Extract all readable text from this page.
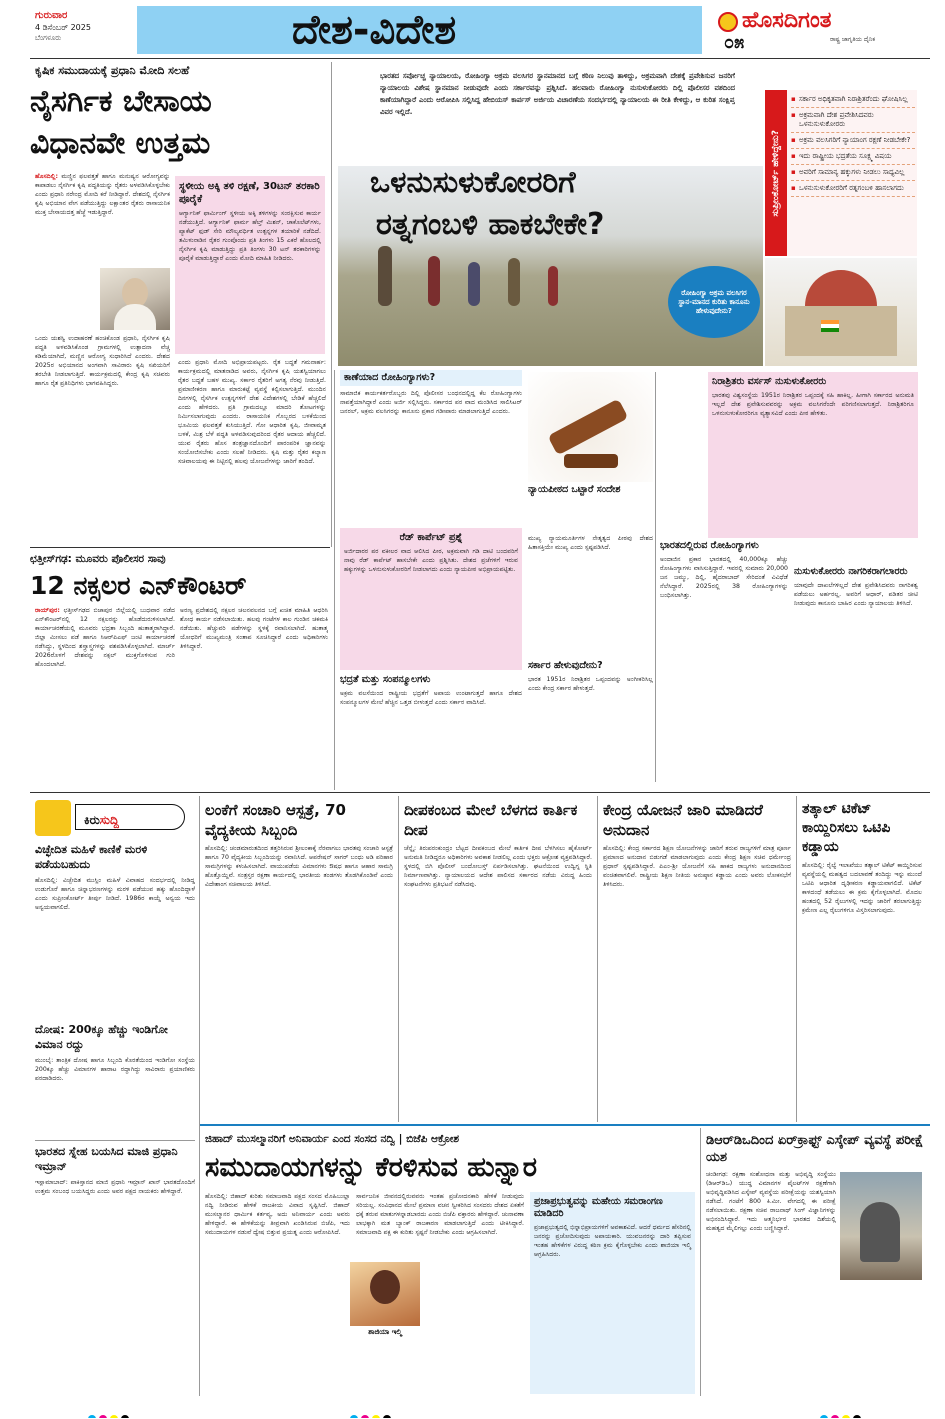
ಗುರುವಾರ
4 ಡಿಸೆಂಬರ್ 2025
ಬೆಂಗಳೂರು	ದೇಶ-ವಿದೇಶ	ಹೊಸದಿಗಂತ
ರಾಷ್ಟ್ರ ಜಾಗೃತಿಯ ದೈನಿಕ
೦೫
ಕೃಷಿಕ ಸಮುದಾಯಕ್ಕೆ ಪ್ರಧಾನಿ ಮೋದಿ ಸಲಹೆ
ನೈಸರ್ಗಿಕ ಬೇಸಾಯ
ವಿಧಾನವೇ ಉತ್ತಮ
ಹೊಸದಿಲ್ಲಿ: ಮಣ್ಣಿನ ಫಲವತ್ತತೆ ಹಾಗೂ ಮನುಷ್ಯನ ಆರೋಗ್ಯವನ್ನು ಕಾಪಾಡಲು ನೈಸರ್ಗಿಕ ಕೃಷಿ ಪದ್ಧತಿಯನ್ನು ರೈತರು ಅಳವಡಿಸಿಕೊಳ್ಳಬೇಕು ಎಂದು ಪ್ರಧಾನಿ ನರೇಂದ್ರ ಮೋದಿ ಕರೆ ನೀಡಿದ್ದಾರೆ. ದೇಶದಲ್ಲಿ ನೈಸರ್ಗಿಕ ಕೃಷಿ ಅಭಿಯಾನ ವೇಗ ಪಡೆಯುತ್ತಿದ್ದು ಲಕ್ಷಾಂತರ ರೈತರು ರಾಸಾಯನಿಕ ಮುಕ್ತ ಬೇಸಾಯದತ್ತ ಹೆಜ್ಜೆ ಇಡುತ್ತಿದ್ದಾರೆ.
ಒಂದು ಯಶಸ್ವಿ ಉದಾಹರಣೆ ಹಂಚಿಕೊಂಡ ಪ್ರಧಾನಿ, ನೈಸರ್ಗಿಕ ಕೃಷಿ ಪದ್ಧತಿ ಅಳವಡಿಸಿಕೊಂಡ ಗ್ರಾಮಗಳಲ್ಲಿ ಉತ್ಪಾದನಾ ವೆಚ್ಚ ಕಡಿಮೆಯಾಗಿದೆ, ಮಣ್ಣಿನ ಆರೋಗ್ಯ ಸುಧಾರಿಸಿದೆ ಎಂದರು. ದೇಶದ 2025ರ ಅಭಿಯಾನದ ಅಂಗವಾಗಿ ಸಾವಿರಾರು ಕೃಷಿ ಸಖಿಯರಿಗೆ ತರಬೇತಿ ನೀಡಲಾಗುತ್ತಿದೆ. ಕಾರ್ಯಕ್ರಮದಲ್ಲಿ ಕೇಂದ್ರ ಕೃಷಿ ಸಚಿವರು ಹಾಗೂ ರೈತ ಪ್ರತಿನಿಧಿಗಳು ಭಾಗವಹಿಸಿದ್ದರು.
ಸ್ಥಳೀಯ ಅಕ್ಕಿ ತಳಿ ರಕ್ಷಣೆ, 30ಟನ್ ತರಕಾರಿ ಪೂರೈಕೆ
ಆರ್ಗ್ಯಾನಿಕ್ ಫಾರ್ಮಿಂಗ್ ಸ್ಥಳೀಯ ಅಕ್ಕಿ ತಳಿಗಳನ್ನು ಸಂರಕ್ಷಿಸುವ ಕಾರ್ಯ ನಡೆಯುತ್ತಿದೆ. ಆರ್ಗ್ಯಾನಿಕ್ ಫಾರ್ಮ ಹೆಲ್ತ್ ಮಿಶನ್, ಚಾಕೊಲೆಟ್‌ಗಳು, ಪ್ಯಾಕೆಟ್ ಫುಡ್ ಸೇರಿ ಮೌಲ್ಯವರ್ಧಿತ ಉತ್ಪನ್ನಗಳ ತಯಾರಿಕೆ ನಡೆದಿದೆ. ತಮಿಳುನಾಡಿನ ರೈತರ ಗುಂಪೊಂದು ಪ್ರತಿ ತಿಂಗಳು 15 ಎಕರೆ ಹೊಲದಲ್ಲಿ ನೈಸರ್ಗಿಕ ಕೃಷಿ ಮಾಡುತ್ತಿದ್ದು ಪ್ರತಿ ತಿಂಗಳು 30 ಟನ್ ತರಕಾರಿಗಳನ್ನು ಪೂರೈಕೆ ಮಾಡುತ್ತಿದ್ದಾರೆ ಎಂದು ಮೋದಿ ಮಾಹಿತಿ ನೀಡಿದರು.
ಎಂದು ಪ್ರಧಾನಿ ಮೋದಿ ಅಭಿಪ್ರಾಯಪಟ್ಟರು. ರೈತ ಬದ್ಧತೆ ಗಮನಾರ್ಹ: ಕಾರ್ಯಕ್ರಮದಲ್ಲಿ ಮಾತನಾಡಿದ ಅವರು, ನೈಸರ್ಗಿಕ ಕೃಷಿ ಯಶಸ್ವಿಯಾಗಲು ರೈತರ ಬದ್ಧತೆ ಬಹಳ ಮುಖ್ಯ. ಸರ್ಕಾರ ರೈತರಿಗೆ ಅಗತ್ಯ ನೆರವು ನೀಡುತ್ತಿದೆ. ಪ್ರಮಾಣೀಕರಣ ಹಾಗೂ ಮಾರುಕಟ್ಟೆ ವ್ಯವಸ್ಥೆ ಕಲ್ಪಿಸಲಾಗುತ್ತಿದೆ. ಮುಂದಿನ ದಿನಗಳಲ್ಲಿ ನೈಸರ್ಗಿಕ ಉತ್ಪನ್ನಗಳಿಗೆ ದೇಶ ವಿದೇಶಗಳಲ್ಲಿ ಬೇಡಿಕೆ ಹೆಚ್ಚಲಿದೆ ಎಂದು ಹೇಳಿದರು. ಪ್ರತಿ ಗ್ರಾಮದಲ್ಲೂ ಮಾದರಿ ತೋಟಗಳನ್ನು ನಿರ್ಮಿಸಲಾಗುವುದು ಎಂದರು. ರಾಸಾಯನಿಕ ಗೊಬ್ಬರದ ಬಳಕೆಯಿಂದ ಭೂಮಿಯ ಫಲವತ್ತತೆ ಕುಸಿಯುತ್ತಿದೆ. ಗೋ ಆಧಾರಿತ ಕೃಷಿ, ಜೀವಾಮೃತ ಬಳಕೆ, ಮಿಶ್ರ ಬೆಳೆ ಪದ್ಧತಿ ಅಳವಡಿಸುವುದರಿಂದ ರೈತರ ಆದಾಯ ಹೆಚ್ಚಲಿದೆ. ಯುವ ರೈತರು ಹೊಸ ತಂತ್ರಜ್ಞಾನದೊಂದಿಗೆ ಪಾರಂಪರಿಕ ಜ್ಞಾನವನ್ನು ಸಂಯೋಜಿಸಬೇಕು ಎಂದು ಸಲಹೆ ನೀಡಿದರು. ಕೃಷಿ ಮತ್ತು ರೈತರ ಕಲ್ಯಾಣ ಸಚಿವಾಲಯವು ಈ ನಿಟ್ಟಿನಲ್ಲಿ ಹಲವು ಯೋಜನೆಗಳನ್ನು ಜಾರಿಗೆ ತಂದಿದೆ.
ಭಾರತದ ಸರ್ವೋಚ್ಚ ನ್ಯಾಯಾಲಯ, ರೋಹಿಂಗ್ಯಾ ಅಕ್ರಮ ವಲಸಿಗರ ಸ್ಥಾನಮಾನದ ಬಗ್ಗೆ ಕಠಿಣ ನಿಲುವು ತಾಳಿದ್ದು, ಅಕ್ರಮವಾಗಿ ದೇಶಕ್ಕೆ ಪ್ರವೇಶಿಸುವ ಜನರಿಗೆ ನ್ಯಾಯಾಲಯ ವಿಶೇಷ ಸ್ಥಾನಮಾನ ನೀಡುವುದೇ ಎಂದು ಸರ್ಕಾರವನ್ನು ಪ್ರಶ್ನಿಸಿದೆ. ಹಲವಾರು ರೋಹಿಂಗ್ಯಾ ನುಸುಳುಕೋರರು ದಿಲ್ಲಿ ಪೊಲೀಸರ ವಶದಿಂದ ಕಾಣೆಯಾಗಿದ್ದಾರೆ ಎಂದು ಆರೋಪಿಸಿ ಸಲ್ಲಿಸಿದ್ದ ಹೇಬಿಯಸ್ ಕಾರ್ಪಸ್ ಅರ್ಜಿಯ ವಿಚಾರಣೆಯ ಸಂದರ್ಭದಲ್ಲಿ ನ್ಯಾಯಾಲಯ ಈ ರೀತಿ ಕೇಳಿದ್ದು, ಆ ಕುರಿತ ಸಂಕ್ಷಿಪ್ತ ವಿವರ ಇಲ್ಲಿದೆ.
ಒಳನುಸುಳುಕೋರರಿಗೆ
ರತ್ನಗಂಬಳಿ ಹಾಕಬೇಕೇ?
ರೋಹಿಂಗ್ಯಾ ಅಕ್ರಮ ವಲಸಿಗರ ಸ್ಥಾನ-ಮಾನದ ಕುರಿತು ಕಾನೂನು ಹೇಳುವುದೇನು?
ಸುಪ್ರೀಂಕೋರ್ಟ್ ಹೇಳಿದ್ದೇನು?
▪ ಸರ್ಕಾರ ಅಧಿಕೃತವಾಗಿ ನಿರಾಶ್ರಿತರೆಂದು ಘೋಷಿಸಿಲ್ಲ
▪ ಅಕ್ರಮವಾಗಿ ದೇಶ ಪ್ರವೇಶಿಸಿದವರು ಒಳನುಸುಳುಕೋರರು
▪ ಅಕ್ರಮ ವಲಸಿಗರಿಗೆ ನ್ಯಾಯಾಂಗ ರಕ್ಷಣೆ ನೀಡಬೇಕೇ?
▪ ಇದು ರಾಷ್ಟ್ರೀಯ ಭದ್ರತೆಯ ಸೂಕ್ಷ್ಮ ವಿಷಯ
▪ ಅವರಿಗೆ ಸಾಮಾನ್ಯ ಹಕ್ಕುಗಳು ನೀಡಲು ಸಾಧ್ಯವಿಲ್ಲ
▪ ಒಳನುಸುಳುಕೋರರಿಗೆ ರತ್ನಗಂಬಳಿ ಹಾಸಲಾಗದು
ಕಾಣೆಯಾದ ರೋಹಿಂಗ್ಯಾಗಳು?
ಸಾಮಾಜಿಕ ಕಾರ್ಯಕರ್ತರೊಬ್ಬರು ದಿಲ್ಲಿ ಪೊಲೀಸರ ಬಂಧನದಲ್ಲಿದ್ದ ಕೆಲ ರೋಹಿಂಗ್ಯಾಗಳು ನಾಪತ್ತೆಯಾಗಿದ್ದಾರೆ ಎಂದು ಅರ್ಜಿ ಸಲ್ಲಿಸಿದ್ದರು. ಸರ್ಕಾರದ ಪರ ವಾದ ಮಂಡಿಸಿದ ಸಾಲಿಸಿಟರ್ ಜನರಲ್, ಅಕ್ರಮ ವಲಸಿಗರನ್ನು ಕಾನೂನು ಪ್ರಕಾರ ಗಡೀಪಾರು ಮಾಡಲಾಗುತ್ತಿದೆ ಎಂದರು.
ನ್ಯಾಯಪೀಠದ ಒಟ್ಟಾರೆ ಸಂದೇಶ
ರೆಡ್ ಕಾರ್ಪೆಟ್ ಪ್ರಶ್ನೆ
ಅರ್ಜಿದಾರರ ಪರ ವಕೀಲರ ವಾದ ಆಲಿಸಿದ ಪೀಠ, ಅಕ್ರಮವಾಗಿ ಗಡಿ ದಾಟಿ ಬಂದವರಿಗೆ ನಾವು ರೆಡ್ ಕಾರ್ಪೆಟ್ ಹಾಸಬೇಕೇ ಎಂದು ಪ್ರಶ್ನಿಸಿತು. ದೇಶದ ಪ್ರಜೆಗಳಿಗೆ ಇರುವ ಹಕ್ಕುಗಳನ್ನು ಒಳನುಸುಳುಕೋರರಿಗೆ ನೀಡಲಾಗದು ಎಂದು ನ್ಯಾಯಪೀಠ ಅಭಿಪ್ರಾಯಪಟ್ಟಿತು.
ಮುಖ್ಯ ನ್ಯಾಯಮೂರ್ತಿಗಳ ನೇತೃತ್ವದ ಪೀಠವು ದೇಶದ ಹಿತಾಸಕ್ತಿಯೇ ಮುಖ್ಯ ಎಂದು ಸ್ಪಷ್ಟಪಡಿಸಿದೆ.
ಸರ್ಕಾರ ಹೇಳುವುದೇನು?
ಭಾರತ 1951ರ ನಿರಾಶ್ರಿತರ ಒಪ್ಪಂದವನ್ನು ಅಂಗೀಕರಿಸಿಲ್ಲ ಎಂದು ಕೇಂದ್ರ ಸರ್ಕಾರ ಹೇಳುತ್ತದೆ.
ಭದ್ರತೆ ಮತ್ತು ಸಂಪನ್ಮೂಲಗಳು
ಅಕ್ರಮ ವಲಸೆಯಿಂದ ರಾಷ್ಟ್ರೀಯ ಭದ್ರತೆಗೆ ಅಪಾಯ ಉಂಟಾಗುತ್ತದೆ ಹಾಗೂ ದೇಶದ ಸಂಪನ್ಮೂಲಗಳ ಮೇಲೆ ಹೆಚ್ಚಿನ ಒತ್ತಡ ಬೀಳುತ್ತದೆ ಎಂದು ಸರ್ಕಾರ ವಾದಿಸಿದೆ.
ನಿರಾಶ್ರಿತರು ವರ್ಸಸ್ ನುಸುಳುಕೋರರು
ಭಾರತವು ವಿಶ್ವಸಂಸ್ಥೆಯ 1951ರ ನಿರಾಶ್ರಿತರ ಒಪ್ಪಂದಕ್ಕೆ ಸಹಿ ಹಾಕಿಲ್ಲ. ಹೀಗಾಗಿ ಸರ್ಕಾರದ ಅನುಮತಿ ಇಲ್ಲದೆ ದೇಶ ಪ್ರವೇಶಿಸುವವರನ್ನು ಅಕ್ರಮ ವಲಸಿಗರೆಂದೇ ಪರಿಗಣಿಸಲಾಗುತ್ತದೆ. ನಿರಾಶ್ರಿತರಿಗೂ ಒಳನುಸುಳುಕೋರರಿಗೂ ವ್ಯತ್ಯಾಸವಿದೆ ಎಂದು ಪೀಠ ಹೇಳಿತು.
ಭಾರತದಲ್ಲಿರುವ ರೋಹಿಂಗ್ಯಾಗಳು
ಅಂದಾಜಿನ ಪ್ರಕಾರ ಭಾರತದಲ್ಲಿ 40,000ಕ್ಕೂ ಹೆಚ್ಚು ರೋಹಿಂಗ್ಯಾಗಳು ವಾಸಿಸುತ್ತಿದ್ದಾರೆ. ಇವರಲ್ಲಿ ಸುಮಾರು 20,000 ಜನ ಜಮ್ಮು, ದಿಲ್ಲಿ, ಹೈದರಾಬಾದ್ ಸೇರಿದಂತೆ ವಿವಿಧೆಡೆ ನೆಲೆಸಿದ್ದಾರೆ. 2025ರಲ್ಲಿ 38 ರೋಹಿಂಗ್ಯಾಗಳನ್ನು ಬಂಧಿಸಲಾಗಿತ್ತು.
ನುಸುಳುಕೋರರು ನಾಗರಿಕರಾಗಲಾರರು
ಯಾವುದೇ ದಾಖಲೆಗಳಿಲ್ಲದೆ ದೇಶ ಪ್ರವೇಶಿಸಿದವರು ನಾಗರಿಕತ್ವ ಪಡೆಯಲು ಅರ್ಹರಲ್ಲ. ಅವರಿಗೆ ಆಧಾರ್, ಪಡಿತರ ಚೀಟಿ ನೀಡುವುದು ಕಾನೂನು ಬಾಹಿರ ಎಂದು ನ್ಯಾಯಾಲಯ ತಿಳಿಸಿದೆ.
ಛತ್ತೀಸ್‌ಗಢ: ಮೂವರು ಪೊಲೀಸರ ಸಾವು
12 ನಕ್ಸಲರ ಎನ್‌ಕೌಂಟರ್
ರಾಯ್‌ಪುರ: ಛತ್ತೀಸ್‌ಗಢದ ಬಿಜಾಪುರ ಜಿಲ್ಲೆಯಲ್ಲಿ ಬುಧವಾರ ನಡೆದ ಎನ್‌ಕೌಂಟರ್‌ನಲ್ಲಿ 12 ನಕ್ಸಲರನ್ನು ಹೊಡೆದುರುಳಿಸಲಾಗಿದೆ. ಕಾರ್ಯಾಚರಣೆಯಲ್ಲಿ ಮೂವರು ಭದ್ರತಾ ಸಿಬ್ಬಂದಿ ಹುತಾತ್ಮರಾಗಿದ್ದಾರೆ. ಜಿಲ್ಲಾ ಮೀಸಲು ಪಡೆ ಹಾಗೂ ಸಿಆರ್‌ಪಿಎಫ್ ಜಂಟಿ ಕಾರ್ಯಾಚರಣೆ ನಡೆಸಿದ್ದು, ಸ್ಥಳದಿಂದ ಶಸ್ತ್ರಾಸ್ತ್ರಗಳನ್ನು ವಶಪಡಿಸಿಕೊಳ್ಳಲಾಗಿದೆ. ಮಾರ್ಚ್ 2026ರೊಳಗೆ ದೇಶವನ್ನು ನಕ್ಸಲ್ ಮುಕ್ತಗೊಳಿಸುವ ಗುರಿ ಹೊಂದಲಾಗಿದೆ.
ಅರಣ್ಯ ಪ್ರದೇಶದಲ್ಲಿ ನಕ್ಸಲರ ಚಲನವಲನದ ಬಗ್ಗೆ ಖಚಿತ ಮಾಹಿತಿ ಆಧರಿಸಿ ಶೋಧ ಕಾರ್ಯ ನಡೆಸಲಾಯಿತು. ಹಲವು ಗಂಟೆಗಳ ಕಾಲ ಗುಂಡಿನ ಚಕಮಕಿ ನಡೆಯಿತು. ಹೆಚ್ಚುವರಿ ಪಡೆಗಳನ್ನು ಸ್ಥಳಕ್ಕೆ ರವಾನಿಸಲಾಗಿದೆ. ಹುತಾತ್ಮ ಯೋಧರಿಗೆ ಮುಖ್ಯಮಂತ್ರಿ ಸಂತಾಪ ಸೂಚಿಸಿದ್ದಾರೆ ಎಂದು ಅಧಿಕಾರಿಗಳು ತಿಳಿಸಿದ್ದಾರೆ.
ಕಿರುಸುದ್ದಿ
ವಿಚ್ಛೇದಿತ ಮಹಿಳೆ ಕಾಣಿಕೆ ಮರಳಿ ಪಡೆಯಬಹುದು
ಹೊಸದಿಲ್ಲಿ: ವಿಚ್ಛೇದಿತ ಮುಸ್ಲಿಂ ಮಹಿಳೆ ವಿವಾಹದ ಸಂದರ್ಭದಲ್ಲಿ ನೀಡಿದ್ದ ಉಡುಗೊರೆ ಹಾಗೂ ಚಿನ್ನಾಭರಣಗಳನ್ನು ಮರಳಿ ಪಡೆಯುವ ಹಕ್ಕು ಹೊಂದಿದ್ದಾಳೆ ಎಂದು ಸುಪ್ರೀಂಕೋರ್ಟ್ ತೀರ್ಪು ನೀಡಿದೆ. 1986ರ ಕಾಯ್ದೆ ಅನ್ವಯ ಇದು ಅನ್ವಯವಾಗಲಿದೆ.
ದೋಷ: 200ಕ್ಕೂ ಹೆಚ್ಚು ಇಂಡಿಗೋ ವಿಮಾನ ರದ್ದು
ಮುಂಬೈ: ತಾಂತ್ರಿಕ ದೋಷ ಹಾಗೂ ಸಿಬ್ಬಂದಿ ಕೊರತೆಯಿಂದ ಇಂಡಿಗೋ ಸಂಸ್ಥೆಯ 200ಕ್ಕೂ ಹೆಚ್ಚು ವಿಮಾನಗಳ ಹಾರಾಟ ರದ್ದಾಗಿದ್ದು ಸಾವಿರಾರು ಪ್ರಯಾಣಿಕರು ಪರದಾಡಿದರು.
ಭಾರತದ ಸ್ನೇಹ ಬಯಸಿದ ಮಾಜಿ ಪ್ರಧಾನಿ ಇಮ್ರಾನ್
ಇಸ್ಲಾಮಾಬಾದ್: ಪಾಕಿಸ್ತಾನದ ಮಾಜಿ ಪ್ರಧಾನಿ ಇಮ್ರಾನ್ ಖಾನ್ ಭಾರತದೊಂದಿಗೆ ಉತ್ತಮ ಸಂಬಂಧ ಬಯಸಿದ್ದರು ಎಂದು ಅವರ ಪಕ್ಷದ ನಾಯಕರು ಹೇಳಿದ್ದಾರೆ.
ಲಂಕೆಗೆ ಸಂಚಾರಿ ಆಸ್ಪತ್ರೆ, 70 ವೈದ್ಯಕೀಯ ಸಿಬ್ಬಂದಿ
ಹೊಸದಿಲ್ಲಿ: ಚಂಡಮಾರುತದಿಂದ ತತ್ತರಿಸಿರುವ ಶ್ರೀಲಂಕಾಕ್ಕೆ ನೆರವಾಗಲು ಭಾರತವು ಸಂಚಾರಿ ಆಸ್ಪತ್ರೆ ಹಾಗೂ 70 ವೈದ್ಯಕೀಯ ಸಿಬ್ಬಂದಿಯನ್ನು ರವಾನಿಸಿದೆ. ಆಪರೇಷನ್ ಸಾಗರ್ ಬಂಧು ಅಡಿ ಪರಿಹಾರ ಸಾಮಗ್ರಿಗಳನ್ನು ಕಳುಹಿಸಲಾಗಿದೆ. ವಾಯುಪಡೆಯ ವಿಮಾನಗಳು ಔಷಧ ಹಾಗೂ ಆಹಾರ ಸಾಮಗ್ರಿ ಹೊತ್ತೊಯ್ದಿವೆ. ಸಂತ್ರಸ್ತರ ರಕ್ಷಣಾ ಕಾರ್ಯದಲ್ಲಿ ಭಾರತೀಯ ತಂಡಗಳು ತೊಡಗಿಕೊಂಡಿವೆ ಎಂದು ವಿದೇಶಾಂಗ ಸಚಿವಾಲಯ ತಿಳಿಸಿದೆ.
ದೀಪಕಂಬದ ಮೇಲೆ ಬೆಳಗದ ಕಾರ್ತಿಕ ದೀಪ
ಚೆನ್ನೈ: ತಿರುಪರಂಕುಂದ್ರಂ ಬೆಟ್ಟದ ದೀಪಕಂಬದ ಮೇಲೆ ಕಾರ್ತಿಕ ದೀಪ ಬೆಳಗಿಸಲು ಹೈಕೋರ್ಟ್ ಅನುಮತಿ ನೀಡಿದ್ದರೂ ಅಧಿಕಾರಿಗಳು ಅವಕಾಶ ನೀಡಲಿಲ್ಲ ಎಂದು ಭಕ್ತರು ಆಕ್ರೋಶ ವ್ಯಕ್ತಪಡಿಸಿದ್ದಾರೆ. ಸ್ಥಳದಲ್ಲಿ ಬಿಗಿ ಪೊಲೀಸ್ ಬಂದೋಬಸ್ತ್ ಏರ್ಪಡಿಸಲಾಗಿತ್ತು. ಘಟನೆಯಿಂದ ಉದ್ವಿಗ್ನ ಸ್ಥಿತಿ ನಿರ್ಮಾಣವಾಗಿತ್ತು. ನ್ಯಾಯಾಲಯದ ಆದೇಶ ಪಾಲಿಸದ ಸರ್ಕಾರದ ನಡೆಯ ವಿರುದ್ಧ ಹಿಂದು ಸಂಘಟನೆಗಳು ಪ್ರತಿಭಟನೆ ನಡೆಸಿದವು.
ಕೇಂದ್ರ ಯೋಜನೆ ಜಾರಿ ಮಾಡಿದರೆ ಅನುದಾನ
ಹೊಸದಿಲ್ಲಿ: ಕೇಂದ್ರ ಸರ್ಕಾರದ ಶಿಕ್ಷಣ ಯೋಜನೆಗಳನ್ನು ಜಾರಿಗೆ ತರುವ ರಾಜ್ಯಗಳಿಗೆ ಮಾತ್ರ ಪೂರ್ಣ ಪ್ರಮಾಣದ ಅನುದಾನ ಬಿಡುಗಡೆ ಮಾಡಲಾಗುವುದು ಎಂದು ಕೇಂದ್ರ ಶಿಕ್ಷಣ ಸಚಿವ ಧರ್ಮೇಂದ್ರ ಪ್ರಧಾನ್ ಸ್ಪಷ್ಟಪಡಿಸಿದ್ದಾರೆ. ಪಿಎಂ-ಶ್ರೀ ಯೋಜನೆಗೆ ಸಹಿ ಹಾಕದ ರಾಜ್ಯಗಳು ಅನುದಾನದಿಂದ ವಂಚಿತವಾಗಲಿವೆ. ರಾಷ್ಟ್ರೀಯ ಶಿಕ್ಷಣ ನೀತಿಯ ಅನುಷ್ಠಾನ ಕಡ್ಡಾಯ ಎಂದು ಅವರು ಲೋಕಸಭೆಗೆ ತಿಳಿಸಿದರು.
ತತ್ಕಾಲ್ ಟಿಕೆಟ್ ಕಾಯ್ದಿರಿಸಲು ಒಟಿಪಿ ಕಡ್ಡಾಯ
ಹೊಸದಿಲ್ಲಿ: ರೈಲ್ವೆ ಇಲಾಖೆಯು ತತ್ಕಾಲ್ ಟಿಕೆಟ್ ಕಾಯ್ದಿರಿಸುವ ವ್ಯವಸ್ಥೆಯಲ್ಲಿ ಮಹತ್ವದ ಬದಲಾವಣೆ ತಂದಿದ್ದು ಇನ್ನು ಮುಂದೆ ಒಟಿಪಿ ಆಧಾರಿತ ದೃಢೀಕರಣ ಕಡ್ಡಾಯವಾಗಲಿದೆ. ಟಿಕೆಟ್ ಕಾಳದಂಧೆ ತಡೆಯಲು ಈ ಕ್ರಮ ಕೈಗೊಳ್ಳಲಾಗಿದೆ. ಮೊದಲ ಹಂತದಲ್ಲಿ 52 ರೈಲುಗಳಲ್ಲಿ ಇದನ್ನು ಜಾರಿಗೆ ತರಲಾಗುತ್ತಿದ್ದು ಕ್ರಮೇಣ ಎಲ್ಲ ರೈಲುಗಳಿಗೂ ವಿಸ್ತರಿಸಲಾಗುವುದು.
ಜಿಹಾದ್ ಮುಸಲ್ಮಾನರಿಗೆ ಅನಿವಾರ್ಯ ಎಂದ ಸಂಸದ ನದ್ವಿ | ಬಿಜೆಪಿ ಆಕ್ರೋಶ
ಸಮುದಾಯಗಳನ್ನು ಕೆರಳಿಸುವ ಹುನ್ನಾರ
ಹೊಸದಿಲ್ಲಿ: ಜಿಹಾದ್ ಕುರಿತು ಸಮಾಜವಾದಿ ಪಕ್ಷದ ಸಂಸದ ಮೊಹಿಬುಲ್ಲಾ ನದ್ವಿ ನೀಡಿರುವ ಹೇಳಿಕೆ ರಾಜಕೀಯ ವಿವಾದ ಸೃಷ್ಟಿಸಿದೆ. ಜಿಹಾದ್ ಮುಸಲ್ಮಾನರ ಧಾರ್ಮಿಕ ಕರ್ತವ್ಯ, ಅದು ಅನಿವಾರ್ಯ ಎಂದು ಅವರು ಹೇಳಿದ್ದಾರೆ. ಈ ಹೇಳಿಕೆಯನ್ನು ತೀವ್ರವಾಗಿ ಖಂಡಿಸಿರುವ ಬಿಜೆಪಿ, ಇದು ಸಮುದಾಯಗಳ ನಡುವೆ ದ್ವೇಷ ಬಿತ್ತುವ ಪ್ರಯತ್ನ ಎಂದು ಆರೋಪಿಸಿದೆ.
ಸಾರ್ವಜನಿಕ ಜೀವನದಲ್ಲಿರುವವರು ಇಂತಹ ಪ್ರಚೋದನಕಾರಿ ಹೇಳಿಕೆ ನೀಡುವುದು ಸರಿಯಲ್ಲ. ಸಂವಿಧಾನದ ಮೇಲೆ ಪ್ರಮಾಣ ವಚನ ಸ್ವೀಕರಿಸಿದ ಸಂಸದರು ದೇಶದ ಏಕತೆಗೆ ಧಕ್ಕೆ ತರುವ ಮಾತುಗಳನ್ನಾಡಬಾರದು ಎಂದು ಬಿಜೆಪಿ ವಕ್ತಾರರು ಹೇಳಿದ್ದಾರೆ. ಚುನಾವಣಾ ಲಾಭಕ್ಕಾಗಿ ಮತ ಬ್ಯಾಂಕ್ ರಾಜಕಾರಣ ಮಾಡಲಾಗುತ್ತಿದೆ ಎಂದು ಟೀಕಿಸಿದ್ದಾರೆ. ಸಮಾಜವಾದಿ ಪಕ್ಷ ಈ ಕುರಿತು ಸ್ಪಷ್ಟನೆ ನೀಡಬೇಕು ಎಂದು ಆಗ್ರಹಿಸಲಾಗಿದೆ.
ಶಾಜಿಯಾ ಇಲ್ಮಿ
ಪ್ರಜಾಪ್ರಭುತ್ವವನ್ನು ಮಹೇಯ ಸಮರಾಂಗಣ ಮಾಡಿದರಿ
ಪ್ರಜಾಪ್ರಭುತ್ವದಲ್ಲಿ ಭಿನ್ನಾಭಿಪ್ರಾಯಗಳಿಗೆ ಅವಕಾಶವಿದೆ. ಆದರೆ ಧರ್ಮದ ಹೆಸರಿನಲ್ಲಿ ಜನರನ್ನು ಪ್ರಚೋದಿಸುವುದು ಅಪಾಯಕಾರಿ. ಯುವಜನರನ್ನು ದಾರಿ ತಪ್ಪಿಸುವ ಇಂತಹ ಹೇಳಿಕೆಗಳ ವಿರುದ್ಧ ಕಠಿಣ ಕ್ರಮ ಕೈಗೊಳ್ಳಬೇಕು ಎಂದು ಶಾಜಿಯಾ ಇಲ್ಮಿ ಆಗ್ರಹಿಸಿದರು.
ಡಿಆರ್‌ಡಿಒದಿಂದ ಏರ್‌ಕ್ರಾಫ್ಟ್ ಎಸ್ಕೇಪ್ ವ್ಯವಸ್ಥೆ ಪರೀಕ್ಷೆ ಯಶ
ಚಂಡೀಗಢ: ರಕ್ಷಣಾ ಸಂಶೋಧನಾ ಮತ್ತು ಅಭಿವೃದ್ಧಿ ಸಂಸ್ಥೆಯು (ಡಿಆರ್‌ಡಿಒ) ಯುದ್ಧ ವಿಮಾನಗಳ ಪೈಲಟ್‌ಗಳ ರಕ್ಷಣೆಗಾಗಿ ಅಭಿವೃದ್ಧಿಪಡಿಸಿದ ಎಸ್ಕೇಪ್ ವ್ಯವಸ್ಥೆಯ ಪರೀಕ್ಷೆಯನ್ನು ಯಶಸ್ವಿಯಾಗಿ ನಡೆಸಿದೆ. ಗಂಟೆಗೆ 800 ಕಿ.ಮೀ. ವೇಗದಲ್ಲಿ ಈ ಪರೀಕ್ಷೆ ನಡೆಸಲಾಯಿತು. ರಕ್ಷಣಾ ಸಚಿವ ರಾಜನಾಥ್ ಸಿಂಗ್ ವಿಜ್ಞಾನಿಗಳನ್ನು ಅಭಿನಂದಿಸಿದ್ದಾರೆ. ಇದು ಆತ್ಮನಿರ್ಭರ ಭಾರತದ ದಿಶೆಯಲ್ಲಿ ಮಹತ್ವದ ಮೈಲಿಗಲ್ಲು ಎಂದು ಬಣ್ಣಿಸಿದ್ದಾರೆ.
